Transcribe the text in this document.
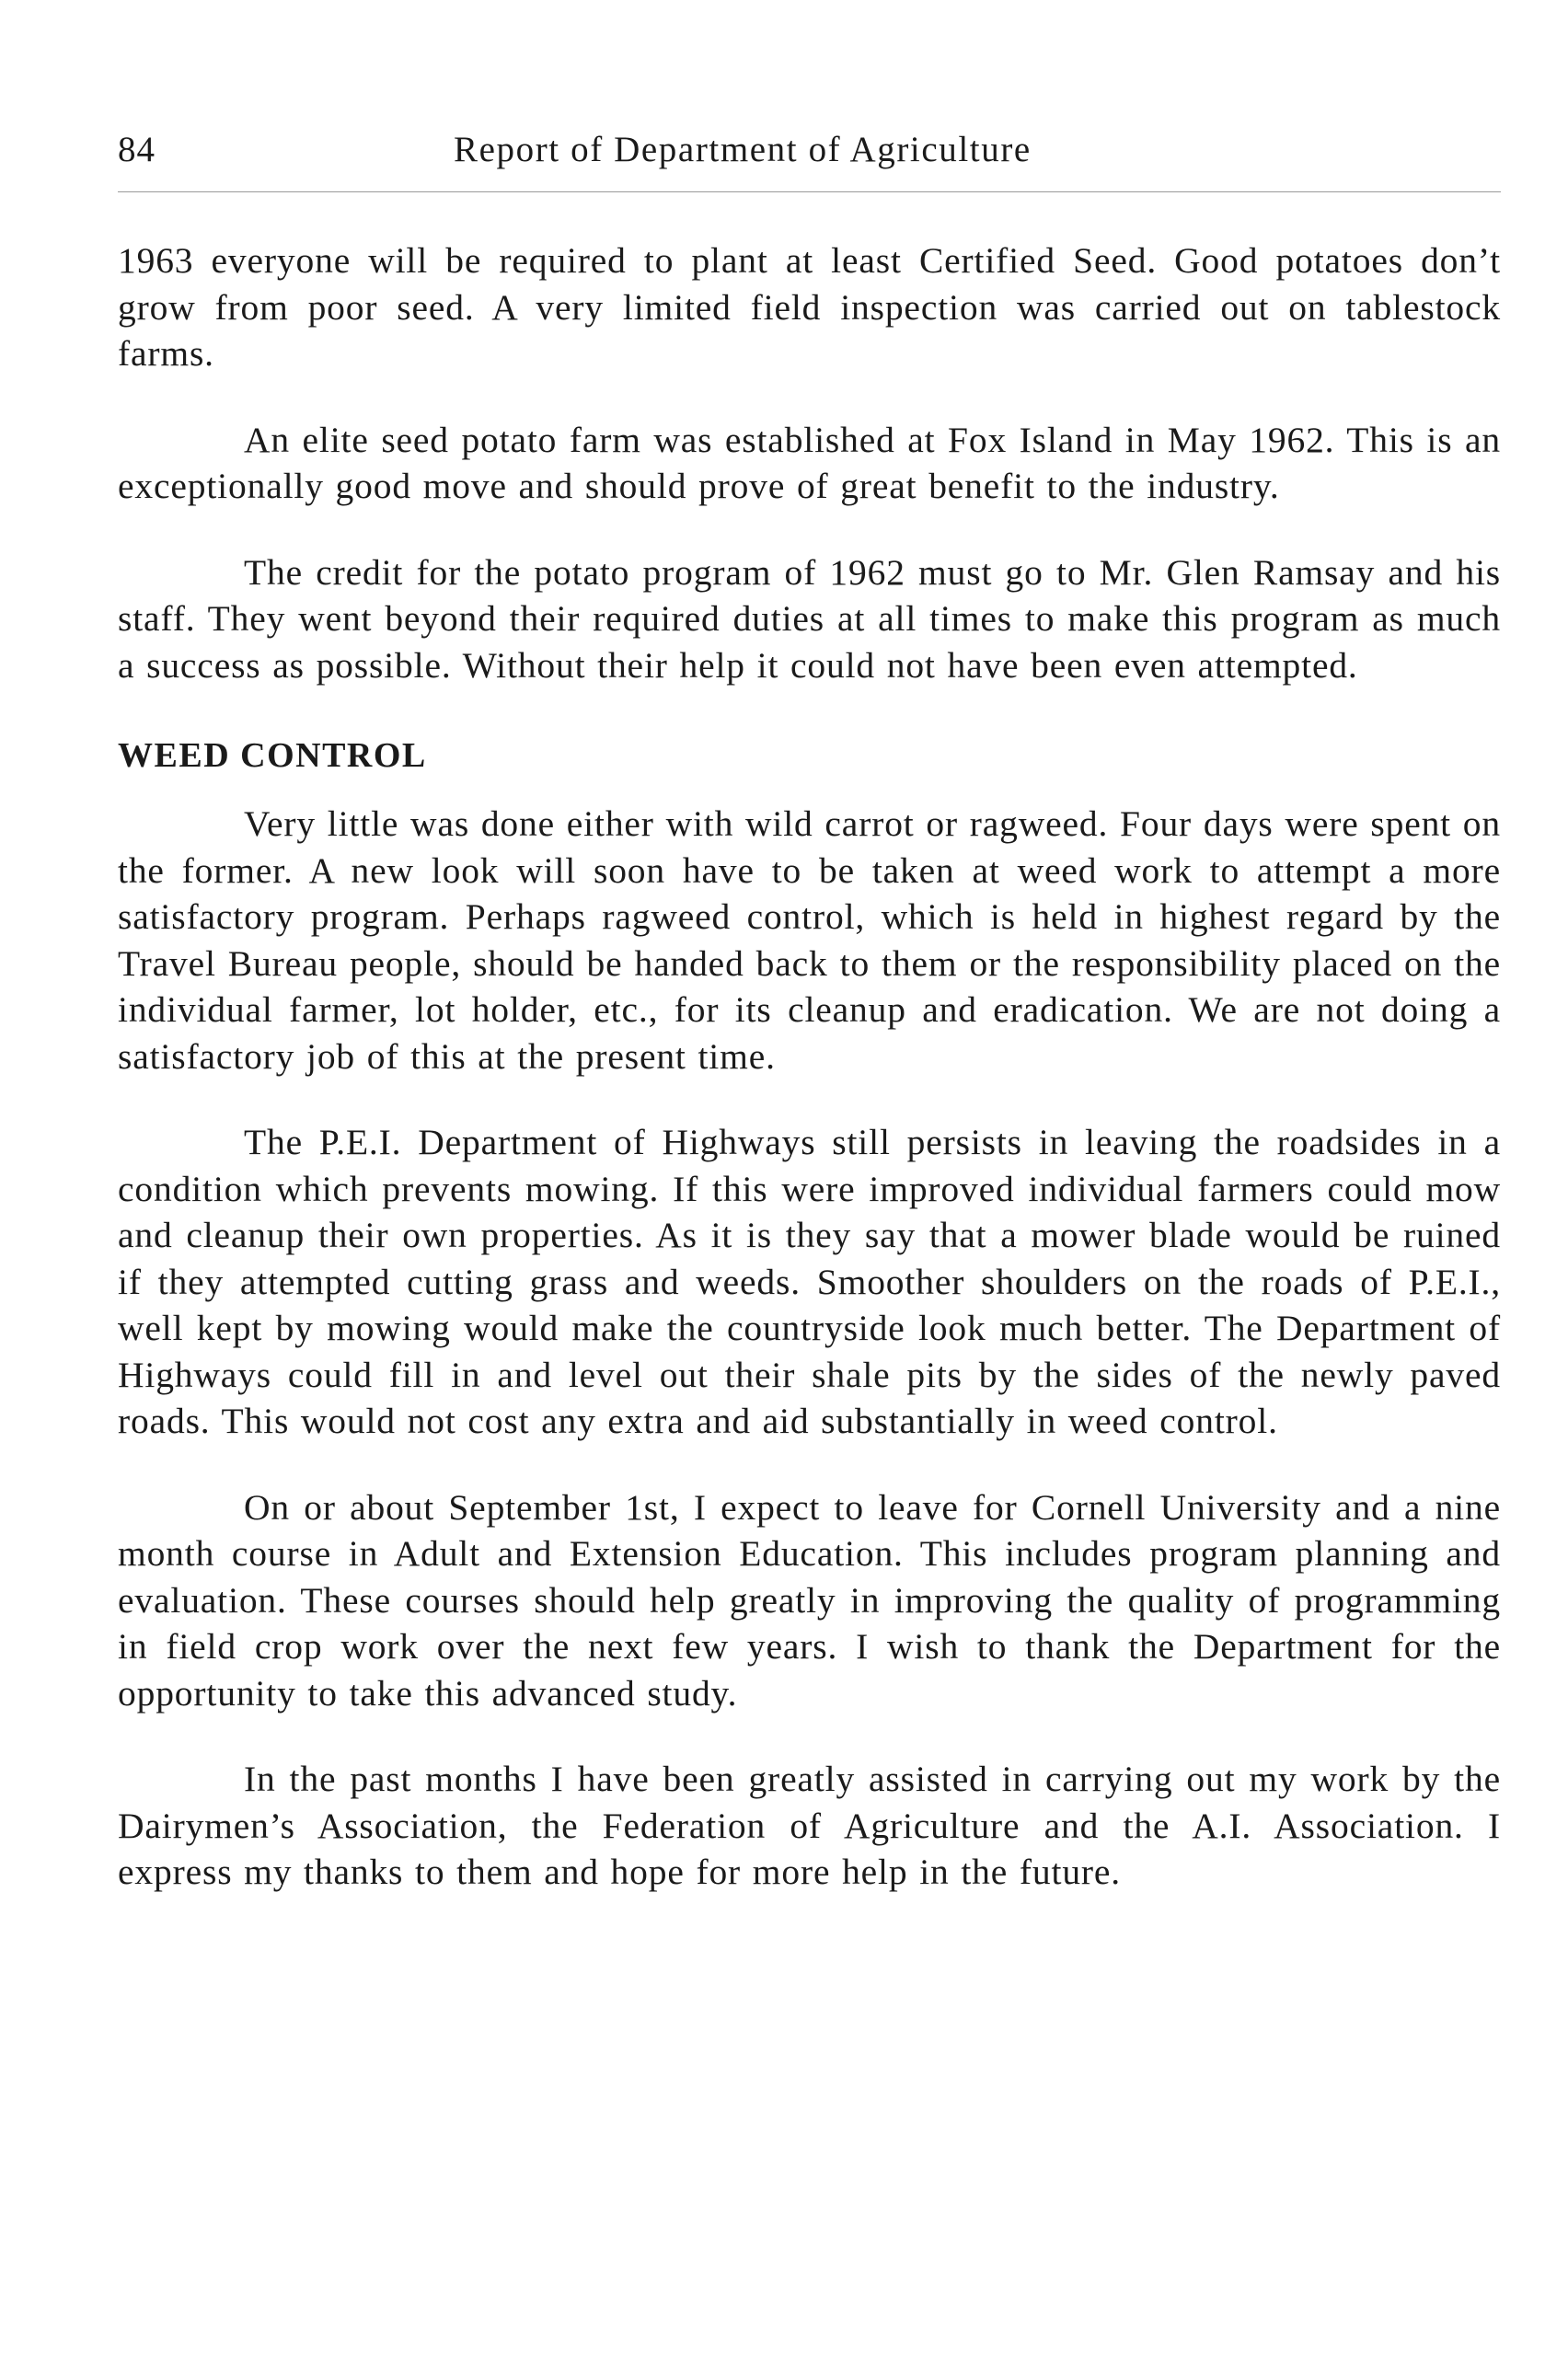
84	Report of Department of Agriculture

1963 everyone will be required to plant at least Certified Seed. Good potatoes don’t grow from poor seed. A very limited field inspection was carried out on tablestock farms.

An elite seed potato farm was established at Fox Island in May 1962. This is an exceptionally good move and should prove of great benefit to the industry.

The credit for the potato program of 1962 must go to Mr. Glen Ramsay and his staff. They went beyond their required duties at all times to make this program as much a success as possible. Without their help it could not have been even attempted.

WEED CONTROL

Very little was done either with wild carrot or ragweed. Four days were spent on the former. A new look will soon have to be taken at weed work to attempt a more satisfactory program. Perhaps ragweed control, which is held in highest regard by the Travel Bureau people, should be handed back to them or the responsibility placed on the individual farmer, lot holder, etc., for its cleanup and eradication. We are not doing a satisfactory job of this at the present time.

The P.E.I. Department of Highways still persists in leaving the roadsides in a condition which prevents mowing. If this were improved individual farmers could mow and cleanup their own properties. As it is they say that a mower blade would be ruined if they attempted cutting grass and weeds. Smoother shoulders on the roads of P.E.I., well kept by mowing would make the countryside look much better. The Department of Highways could fill in and level out their shale pits by the sides of the newly paved roads. This would not cost any extra and aid substantially in weed control.

On or about September 1st, I expect to leave for Cornell University and a nine month course in Adult and Extension Education. This includes program planning and evaluation. These courses should help greatly in improving the quality of programming in field crop work over the next few years. I wish to thank the Department for the opportunity to take this advanced study.

In the past months I have been greatly assisted in carrying out my work by the Dairymen’s Association, the Federation of Agriculture and the A.I. Association. I express my thanks to them and hope for more help in the future.
